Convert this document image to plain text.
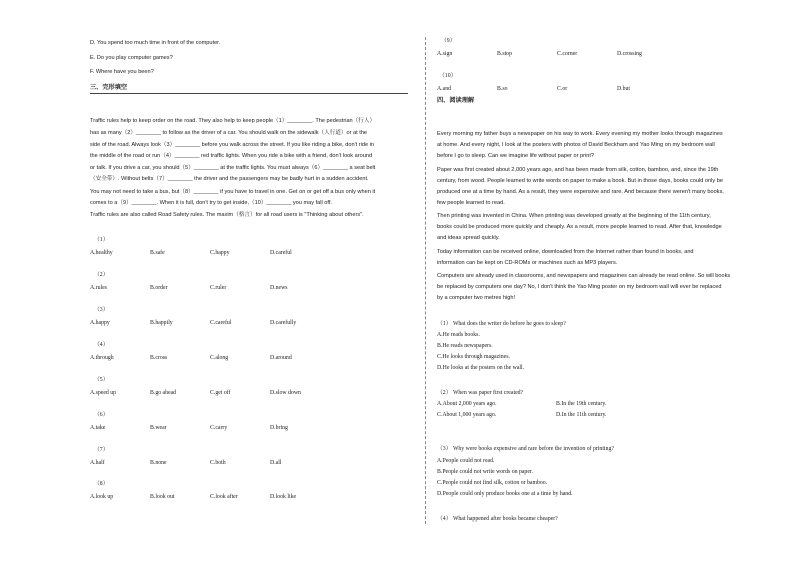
D. You spend too much time in front of the computer.
E. Do you play computer games?
F. Where have you been?
三、完形填空
Traffic rules help to keep order on the road. They also help to keep people（1）________. The pedestrian（行人）
has as many（2）________ to follow as the driver of a car. You should walk on the sidewalk（人行道）or at the
side of the road. Always look（3）________ before you walk across the street. If you like riding a bike, don't ride in
the middle of the road or run（4）________ red traffic lights. When you ride a bike with a friend, don't look around
or talk. If you drive a car, you should（5）________ at the traffic lights. You must always（6）________ a seat belt
（安全带）. Without belts（7）________ the driver and the passengers may be badly hurt in a sudden accident.
You may not need to take a bus, but（8）________ if you have to travel in one. Get on or get off a bus only when it
comes to a（9）________. When it is full, don't try to get inside,（10）________ you may fall off.
Traffic rules are also called Road Safety rules. The maxim（格言）for all road users is "Thinking about others".
（1）
A.healthy	B.safe	C.happy	D.careful
（2）
A.rules	B.order	C.ruler	D.news
（3）
A.happy	B.happily	C.careful	D.carefully
（4）
A.through	B.cross	C.along	D.around
（5）
A.speed up	B.go ahead	C.get off	D.slow down
（6）
A.take	B.wear	C.carry	D.bring
（7）
A.half	B.none	C.both	D.all
（8）
A.look up	B.look out	C.look after	D.look like
（9）
A.sign	B.stop	C.corner	D.crossing
（10）
A.and	B.so	C.or	D.but
四、阅读理解
Every morning my father buys a newspaper on his way to work. Every evening my mother looks through magazines
at home. And every night, I look at the posters with photos of David Beckham and Yao Ming on my bedroom wall
before I go to sleep. Can we imagine life without paper or print?
Paper was first created about 2,000 years ago, and has been made from silk, cotton, bamboo, and, since the 19th
century, from wood. People learned to write words on paper to make a book. But in those days, books could only be
produced one at a time by hand. As a result, they were expensive and rare. And because there weren't many books,
few people learned to read.
Then printing was invented in China. When printing was developed greatly at the beginning of the 11th century,
books could be produced more quickly and cheaply. As a result, more people learned to read. After that, knowledge
and ideas spread quickly.
Today information can be received online, downloaded from the Internet rather than found in books, and
information can be kept on CD-ROMs or machines such as MP3 players.
Computers are already used in classrooms, and newspapers and magazines can already be read online. So will books
be replaced by computers one day? No, I don't think the Yao Ming poster on my bedroom wall will ever be replaced
by a computer two metres high!
（1） What does the writer do before he goes to sleep?
A.He reads books.
B.He reads newspapers.
C.He looks through magazines.
D.He looks at the posters on the wall.
（2） When was paper first created?
A.About 2,000 years ago.	B.In the 19th century.
C.About 1,000 years ago.	D.In the 11th century.
（3） Why were books expensive and rare before the invention of printing?
A.People could not read.
B.People could not write words on paper.
C.People could not find silk, cotton or bamboo.
D.People could only produce books one at a time by hand.
（4） What happened after books became cheaper?
